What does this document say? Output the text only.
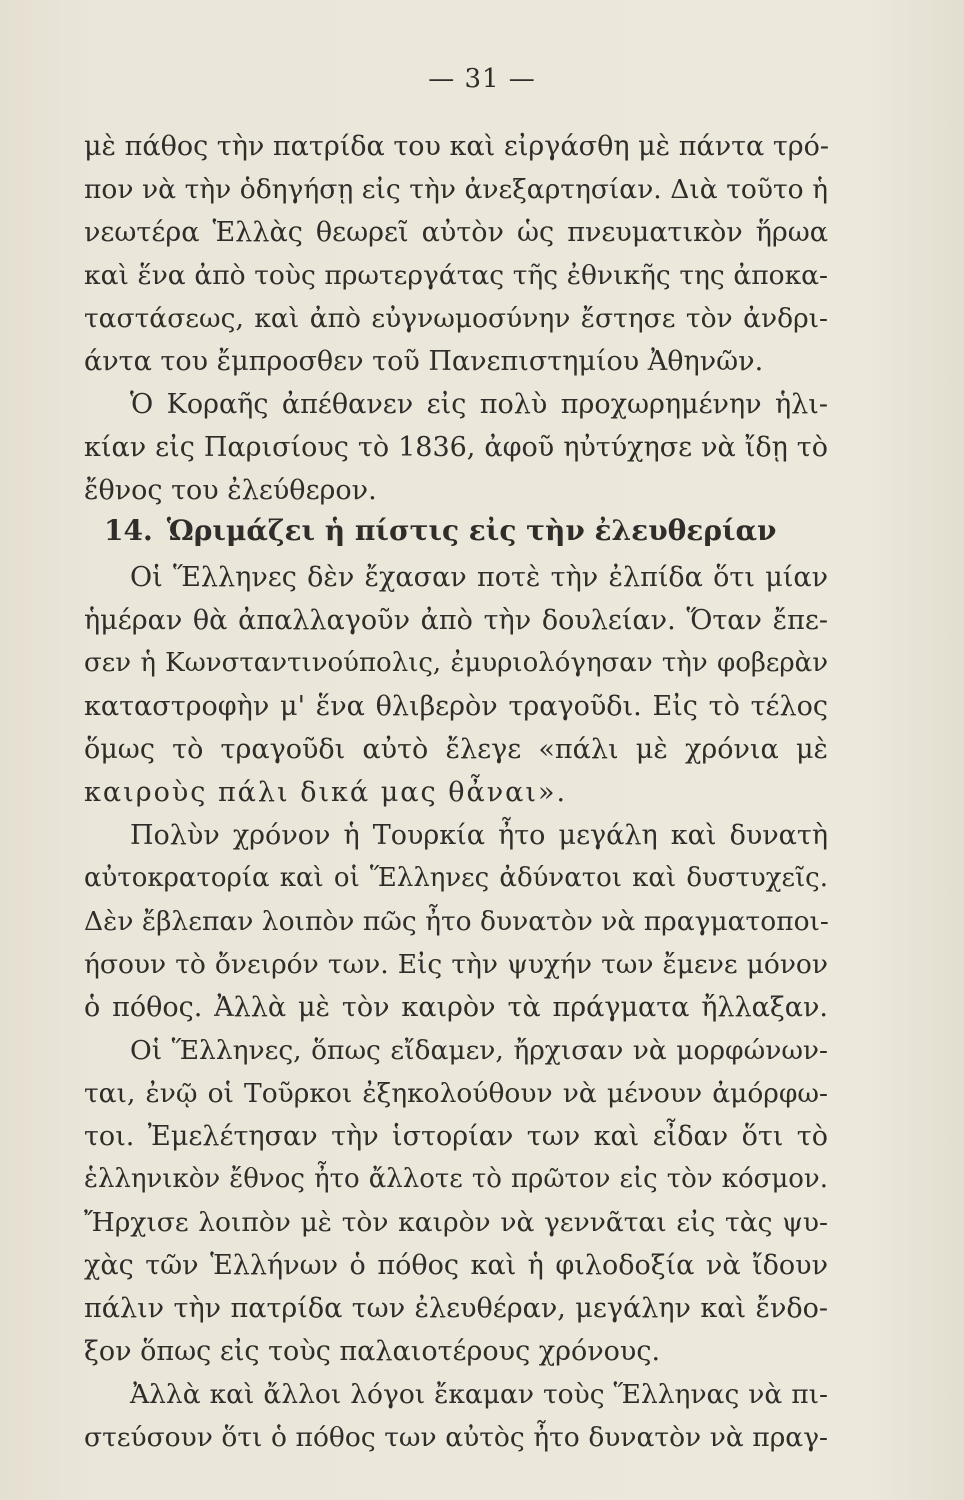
— 31 —
μὲ πάθος τὴν πατρίδα του καὶ εἰργάσθη μὲ πάντα τρό-
πον νὰ τὴν ὁδηγήσῃ εἰς τὴν ἀνεξαρτησίαν. Διὰ τοῦτο ἡ
νεωτέρα Ἑλλὰς θεωρεῖ αὐτὸν ὡς πνευματικὸν ἥρωα
καὶ ἕνα ἀπὸ τοὺς πρωτεργάτας τῆς ἐθνικῆς της ἀποκα-
ταστάσεως, καὶ ἀπὸ εὐγνωμοσύνην ἔστησε τὸν ἀνδρι-
άντα του ἔμπροσθεν τοῦ Πανεπιστημίου Ἀθηνῶν.
Ὁ Κοραῆς ἀπέθανεν εἰς πολὺ προχωρημένην ἡλι-
κίαν εἰς Παρισίους τὸ 1836, ἀφοῦ ηὐτύχησε νὰ ἴδῃ τὸ
ἔθνος του ἐλεύθερον.
14. Ὡριμάζει ἡ πίστις εἰς τὴν ἐλευθερίαν
Οἱ Ἕλληνες δὲν ἔχασαν ποτὲ τὴν ἐλπίδα ὅτι μίαν
ἡμέραν θὰ ἀπαλλαγοῦν ἀπὸ τὴν δουλείαν. Ὅταν ἔπε-
σεν ἡ Κωνσταντινούπολις, ἐμυριολόγησαν τὴν φοβερὰν
καταστροφὴν μ' ἕνα θλιβερὸν τραγοῦδι. Εἰς τὸ τέλος
ὅμως τὸ τραγοῦδι αὐτὸ ἔλεγε «πάλι μὲ χρόνια μὲ
καιροὺς πάλι δικά μας θἆναι».
Πολὺν χρόνον ἡ Τουρκία ἦτο μεγάλη καὶ δυνατὴ
αὐτοκρατορία καὶ οἱ Ἕλληνες ἀδύνατοι καὶ δυστυχεῖς.
Δὲν ἔβλεπαν λοιπὸν πῶς ἦτο δυνατὸν νὰ πραγματοποι-
ήσουν τὸ ὄνειρόν των. Εἰς τὴν ψυχήν των ἔμενε μόνον
ὁ πόθος. Ἀλλὰ μὲ τὸν καιρὸν τὰ πράγματα ἤλλαξαν.
Οἱ Ἕλληνες, ὅπως εἴδαμεν, ἤρχισαν νὰ μορφώνων-
ται, ἐνῷ οἱ Τοῦρκοι ἐξηκολούθουν νὰ μένουν ἀμόρφω-
τοι. Ἐμελέτησαν τὴν ἱστορίαν των καὶ εἶδαν ὅτι τὸ
ἑλληνικὸν ἔθνος ἦτο ἄλλοτε τὸ πρῶτον εἰς τὸν κόσμον.
Ἤρχισε λοιπὸν μὲ τὸν καιρὸν νὰ γεννᾶται εἰς τὰς ψυ-
χὰς τῶν Ἑλλήνων ὁ πόθος καὶ ἡ φιλοδοξία νὰ ἴδουν
πάλιν τὴν πατρίδα των ἐλευθέραν, μεγάλην καὶ ἔνδο-
ξον ὅπως εἰς τοὺς παλαιοτέρους χρόνους.
Ἀλλὰ καὶ ἄλλοι λόγοι ἔκαμαν τοὺς Ἕλληνας νὰ πι-
στεύσουν ὅτι ὁ πόθος των αὐτὸς ἦτο δυνατὸν νὰ πραγ-
